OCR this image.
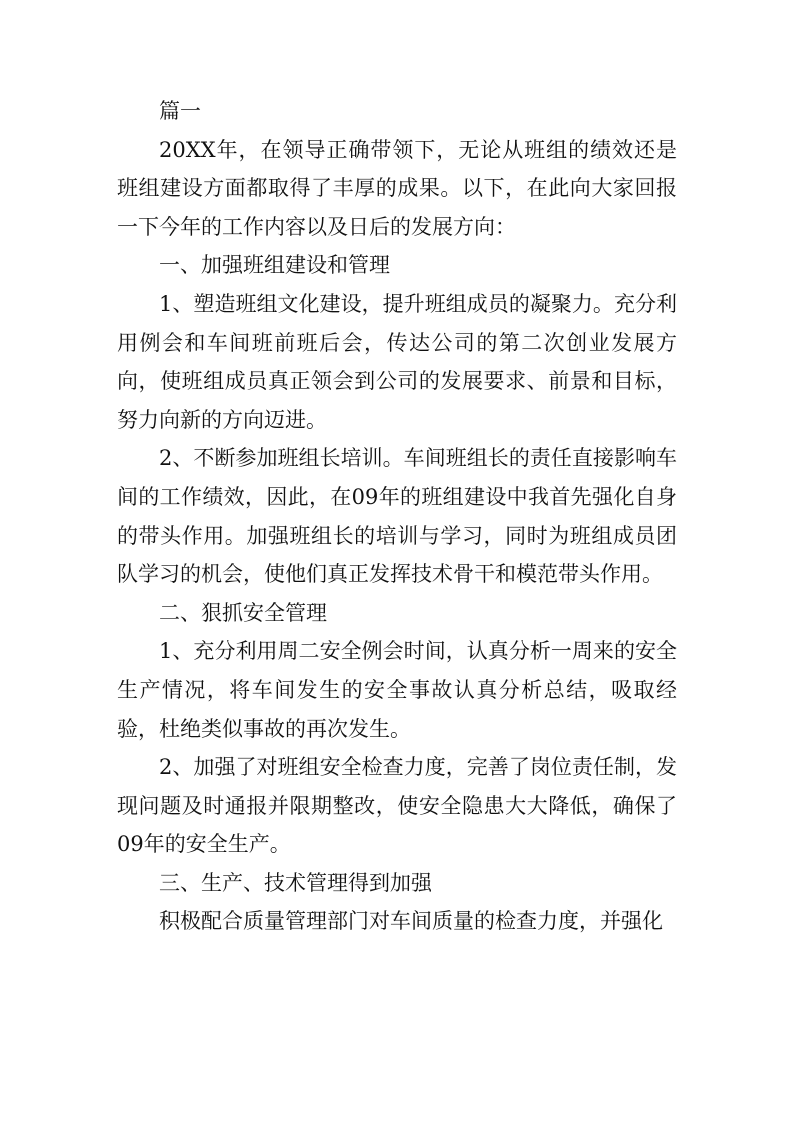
篇一

20XX年，在领导正确带领下，无论从班组的绩效还是班组建设方面都取得了丰厚的成果。以下，在此向大家回报一下今年的工作内容以及日后的发展方向：

一、加强班组建设和管理

1、塑造班组文化建设，提升班组成员的凝聚力。充分利用例会和车间班前班后会，传达公司的第二次创业发展方向，使班组成员真正领会到公司的发展要求、前景和目标，努力向新的方向迈进。

2、不断参加班组长培训。车间班组长的责任直接影响车间的工作绩效，因此，在09年的班组建设中我首先强化自身的带头作用。加强班组长的培训与学习，同时为班组成员团队学习的机会，使他们真正发挥技术骨干和模范带头作用。

二、狠抓安全管理

1、充分利用周二安全例会时间，认真分析一周来的安全生产情况，将车间发生的安全事故认真分析总结，吸取经验，杜绝类似事故的再次发生。

2、加强了对班组安全检查力度，完善了岗位责任制，发现问题及时通报并限期整改，使安全隐患大大降低，确保了09年的安全生产。

三、生产、技术管理得到加强

积极配合质量管理部门对车间质量的检查力度，并强化
